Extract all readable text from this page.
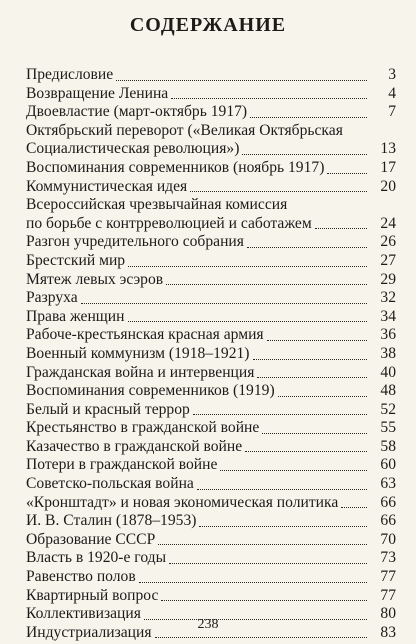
СОДЕРЖАНИЕ
Предисловие	3
Возвращение Ленина	4
Двоевластие (март-октябрь 1917)	7
Октябрьский переворот («Великая Октябрьская
Социалистическая революция»)	13
Воспоминания современников (ноябрь 1917)	17
Коммунистическая идея	20
Всероссийская чрезвычайная комиссия
по борьбе с контрреволюцией и саботажем	24
Разгон учредительного собрания	26
Брестский мир	27
Мятеж левых эсэров	29
Разруха	32
Права женщин	34
Рабоче-крестьянская красная армия	36
Военный коммунизм (1918–1921)	38
Гражданская война и интервенция	40
Воспоминания современников (1919)	48
Белый и красный террор	52
Крестьянство в гражданской войне	55
Казачество в гражданской войне	58
Потери в гражданской войне	60
Советско-польская война	63
«Кронштадт» и новая экономическая политика	66
И. В. Сталин (1878–1953)	66
Образование СССР	70
Власть в 1920-е годы	73
Равенство полов	77
Квартирный вопрос	77
Коллективизация	80
Индустриализация	83
238
